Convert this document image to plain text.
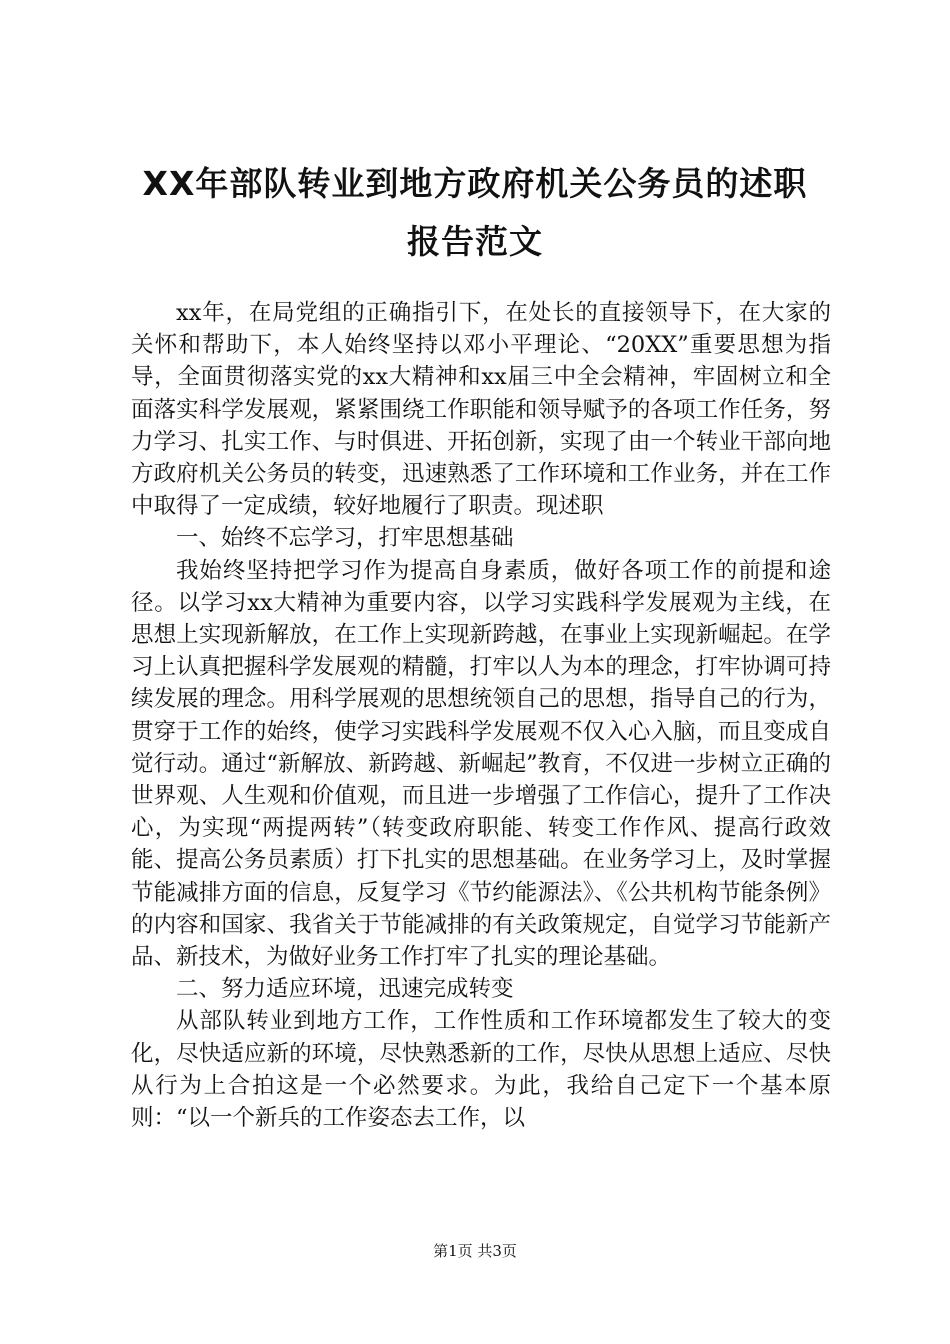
XX年部队转业到地方政府机关公务员的述职
报告范文

xx年，在局党组的正确指引下，在处长的直接领导下，在大家的关怀和帮助下，本人始终坚持以邓小平理论、“20XX”重要思想为指导，全面贯彻落实党的xx大精神和xx届三中全会精神，牢固树立和全面落实科学发展观，紧紧围绕工作职能和领导赋予的各项工作任务，努力学习、扎实工作、与时俱进、开拓创新，实现了由一个转业干部向地方政府机关公务员的转变，迅速熟悉了工作环境和工作业务，并在工作中取得了一定成绩，较好地履行了职责。现述职

一、始终不忘学习，打牢思想基础

我始终坚持把学习作为提高自身素质，做好各项工作的前提和途径。以学习xx大精神为重要内容，以学习实践科学发展观为主线，在思想上实现新解放，在工作上实现新跨越，在事业上实现新崛起。在学习上认真把握科学发展观的精髓，打牢以人为本的理念，打牢协调可持续发展的理念。用科学展观的思想统领自己的思想，指导自己的行为，贯穿于工作的始终，使学习实践科学发展观不仅入心入脑，而且变成自觉行动。通过“新解放、新跨越、新崛起”教育，不仅进一步树立正确的世界观、人生观和价值观，而且进一步增强了工作信心，提升了工作决心，为实现“两提两转”（转变政府职能、转变工作作风、提高行政效能、提高公务员素质）打下扎实的思想基础。在业务学习上，及时掌握节能减排方面的信息，反复学习《节约能源法》、《公共机构节能条例》的内容和国家、我省关于节能减排的有关政策规定，自觉学习节能新产品、新技术，为做好业务工作打牢了扎实的理论基础。

二、努力适应环境，迅速完成转变

从部队转业到地方工作，工作性质和工作环境都发生了较大的变化，尽快适应新的环境，尽快熟悉新的工作，尽快从思想上适应、尽快从行为上合拍这是一个必然要求。为此，我给自己定下一个基本原则：“以一个新兵的工作姿态去工作，以

第1页 共3页
